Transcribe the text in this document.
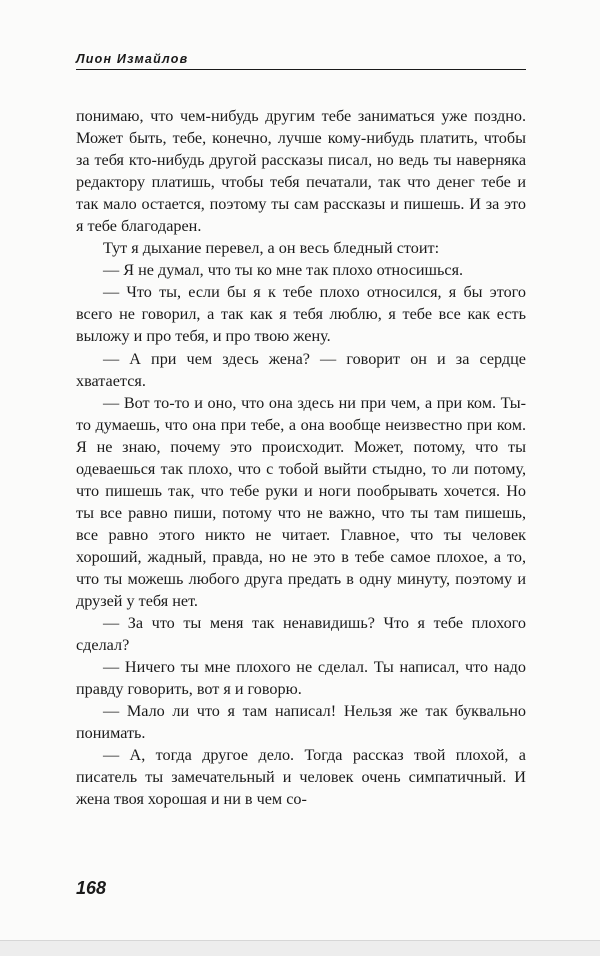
Лион Измайлов

понимаю, что чем-нибудь другим тебе заниматься уже поздно. Может быть, тебе, конечно, лучше кому-нибудь платить, чтобы за тебя кто-нибудь другой рассказы писал, но ведь ты наверняка редактору платишь, чтобы тебя печатали, так что денег тебе и так мало остается, поэтому ты сам рассказы и пишешь. И за это я тебе благодарен.

Тут я дыхание перевел, а он весь бледный стоит:

— Я не думал, что ты ко мне так плохо относишься.

— Что ты, если бы я к тебе плохо относился, я бы этого всего не говорил, а так как я тебя люблю, я тебе все как есть выложу и про тебя, и про твою жену.

— А при чем здесь жена? — говорит он и за сердце хватается.

— Вот то-то и оно, что она здесь ни при чем, а при ком. Ты-то думаешь, что она при тебе, а она вообще неизвестно при ком. Я не знаю, почему это происходит. Может, потому, что ты одеваешься так плохо, что с тобой выйти стыдно, то ли потому, что пишешь так, что тебе руки и ноги пообрывать хочется. Но ты все равно пиши, потому что не важно, что ты там пишешь, все равно этого никто не читает. Главное, что ты человек хороший, жадный, правда, но не это в тебе самое плохое, а то, что ты можешь любого друга предать в одну минуту, поэтому и друзей у тебя нет.

— За что ты меня так ненавидишь? Что я тебе плохого сделал?

— Ничего ты мне плохого не сделал. Ты написал, что надо правду говорить, вот я и говорю.

— Мало ли что я там написал! Нельзя же так буквально понимать.

— А, тогда другое дело. Тогда рассказ твой плохой, а писатель ты замечательный и человек очень симпатичный. И жена твоя хорошая и ни в чем со-

168
